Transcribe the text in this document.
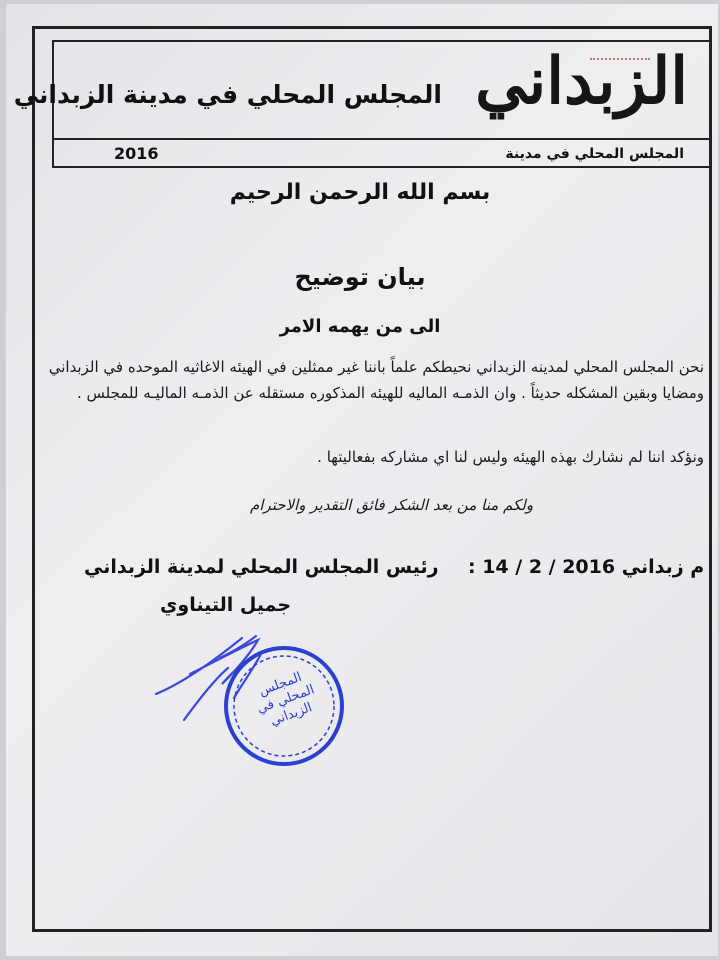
الزبداني
المجلس المحلي في مدينة
المجلس المحلي في مدينة الزبداني
2016
بسم الله الرحمن الرحيم
بيان توضيح
الى من يهمه الامر
نحن المجلس المحلي لمدينه الزبداني نحيطكم علماً باننا غير ممثلين في الهيئه الاغاثيه الموحده في الزبداني ومضايا وبقين المشكله حديثاً . وان الذمـه الماليه للهيئه المذكوره مستقله عن الذمـه الماليـه للمجلس .
ونؤكد اننا لم نشارك بهذه الهيئه وليس لنا اي مشاركه بفعاليتها .
ولكم منا من بعد الشكر فائق التقدير والاحترام
: 14 / 2 / 2016 م زبداني
رئيس المجلس المحلي لمدينة الزبداني
جميل التيناوي
المجلس المحلي في الزبداني
